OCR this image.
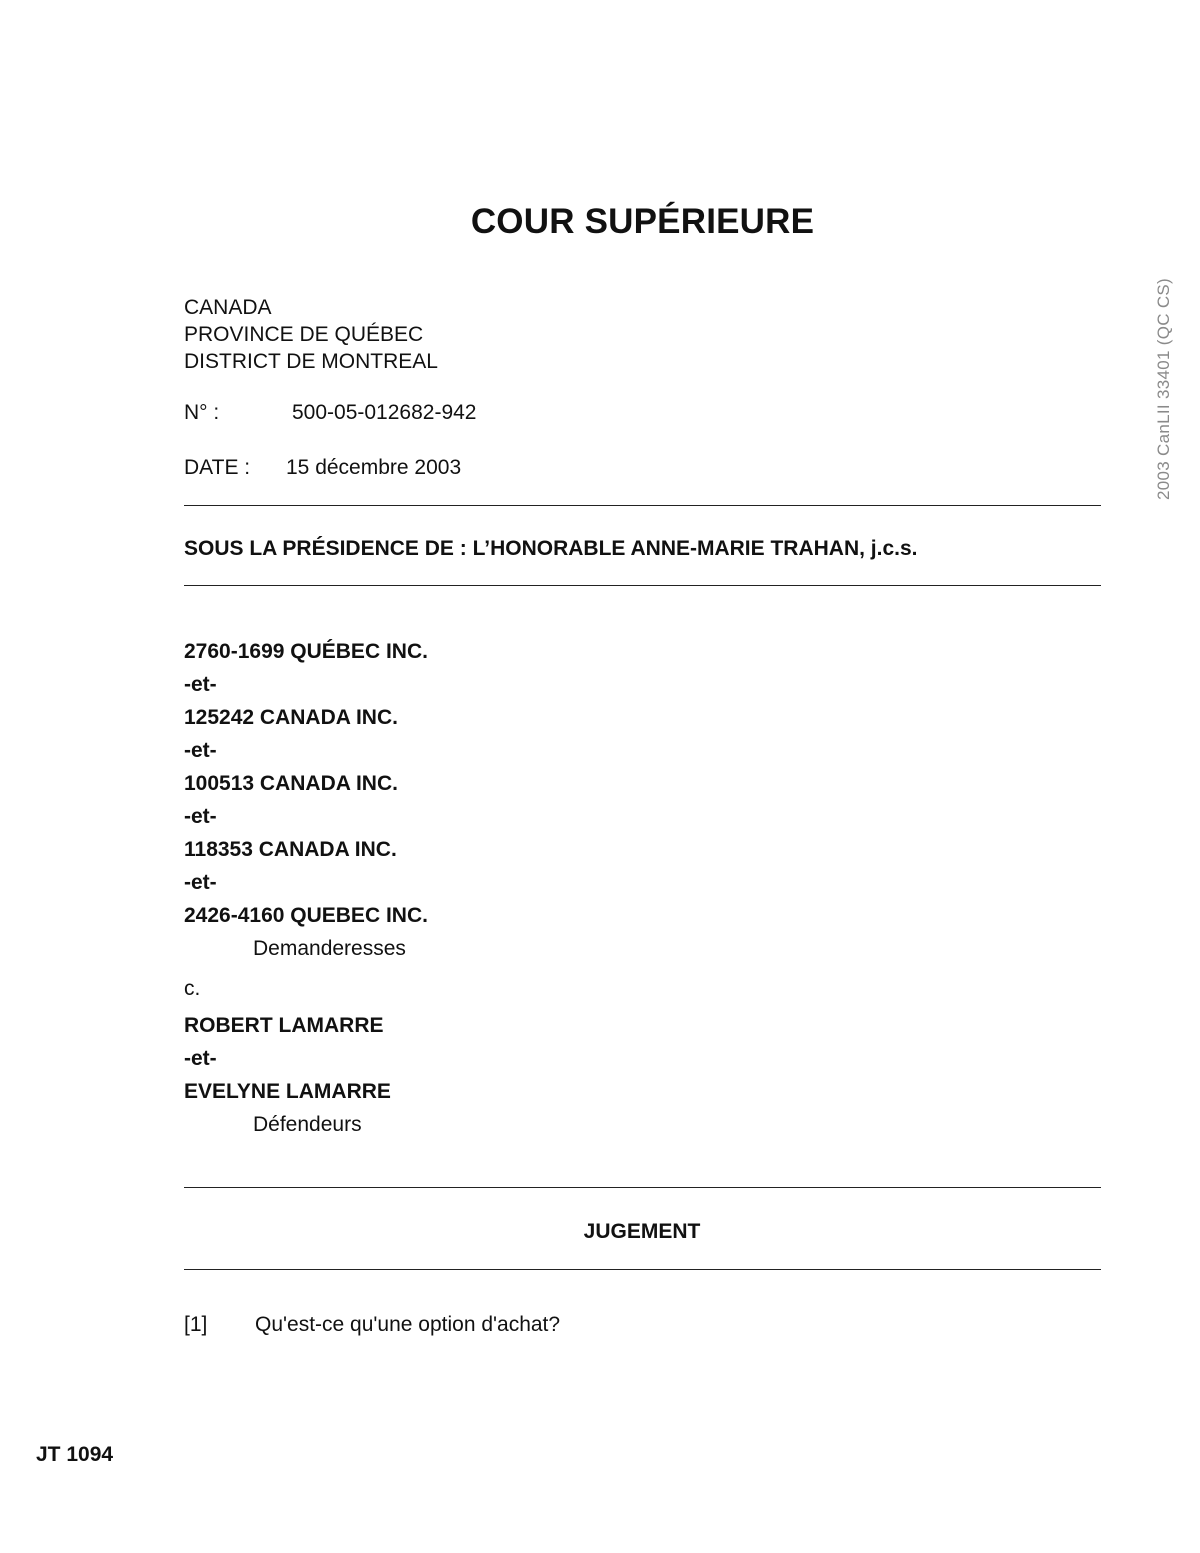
COUR SUPÉRIEURE
CANADA
PROVINCE DE QUÉBEC
DISTRICT DE MONTREAL
N° :	500-05-012682-942
DATE : 15 décembre 2003
SOUS LA PRÉSIDENCE DE : L’HONORABLE ANNE-MARIE TRAHAN, j.c.s.
2760-1699 QUÉBEC INC.
-et-
125242 CANADA INC.
-et-
100513 CANADA INC.
-et-
118353 CANADA INC.
-et-
2426-4160 QUEBEC INC.
Demanderesses
c.
ROBERT LAMARRE
-et-
EVELYNE LAMARRE
Défendeurs
JUGEMENT
[1] Qu'est-ce qu'une option d'achat?
JT 1094
2003 CanLII 33401 (QC CS)
